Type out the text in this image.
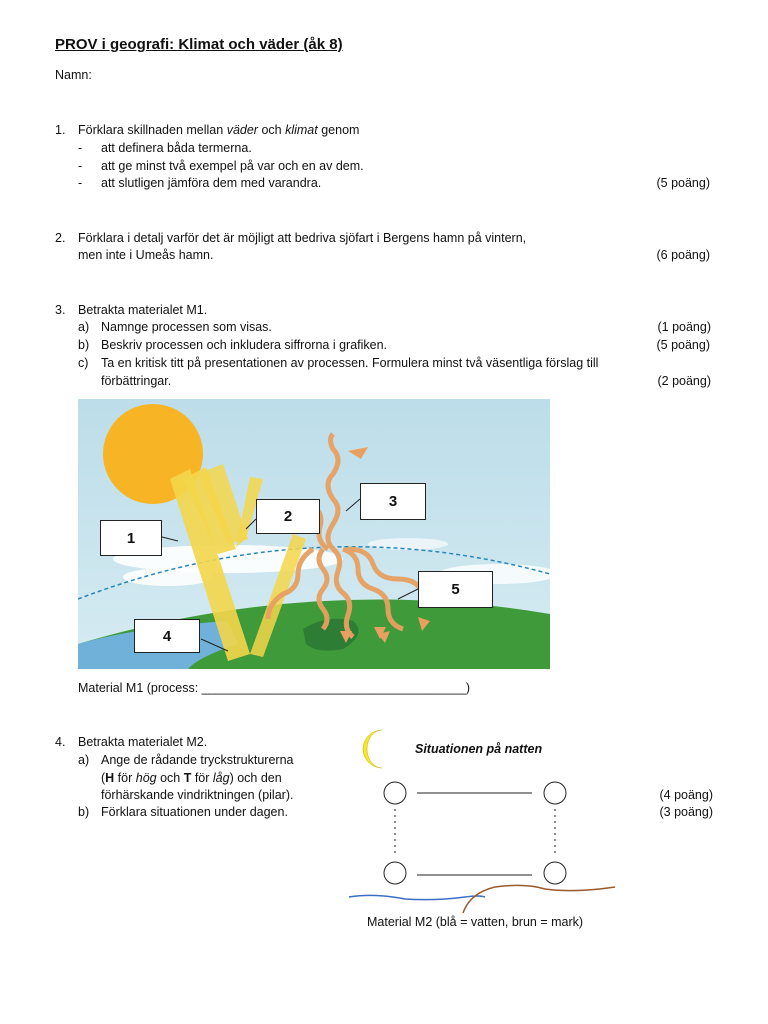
PROV i geografi: Klimat och väder (åk 8)
Namn:
1. Förklara skillnaden mellan väder och klimat genom
- att definera båda termerna.
- att ge minst två exempel på var och en av dem.
- att slutligen jämföra dem med varandra.	(5 poäng)
2. Förklara i detalj varför det är möjligt att bedriva sjöfart i Bergens hamn på vintern,
men inte i Umeås hamn.	(6 poäng)
3. Betrakta materialet M1.
a) Namnge processen som visas.	(1 poäng)
b) Beskriv processen och inkludera siffrorna i grafiken.	(5 poäng)
c) Ta en kritisk titt på presentationen av processen. Formulera minst två väsentliga förslag till
förbättringar.	(2 poäng)
1
2
3
4
5
Material M1 (process: ______________________________________)
4. Betrakta materialet M2.
a) Ange de rådande tryckstrukturerna
(H för hög och T för låg) och den
förhärskande vindriktningen (pilar).	(4 poäng)
b) Förklara situationen under dagen.	(3 poäng)
Situationen på natten
Material M2 (blå = vatten, brun = mark)
